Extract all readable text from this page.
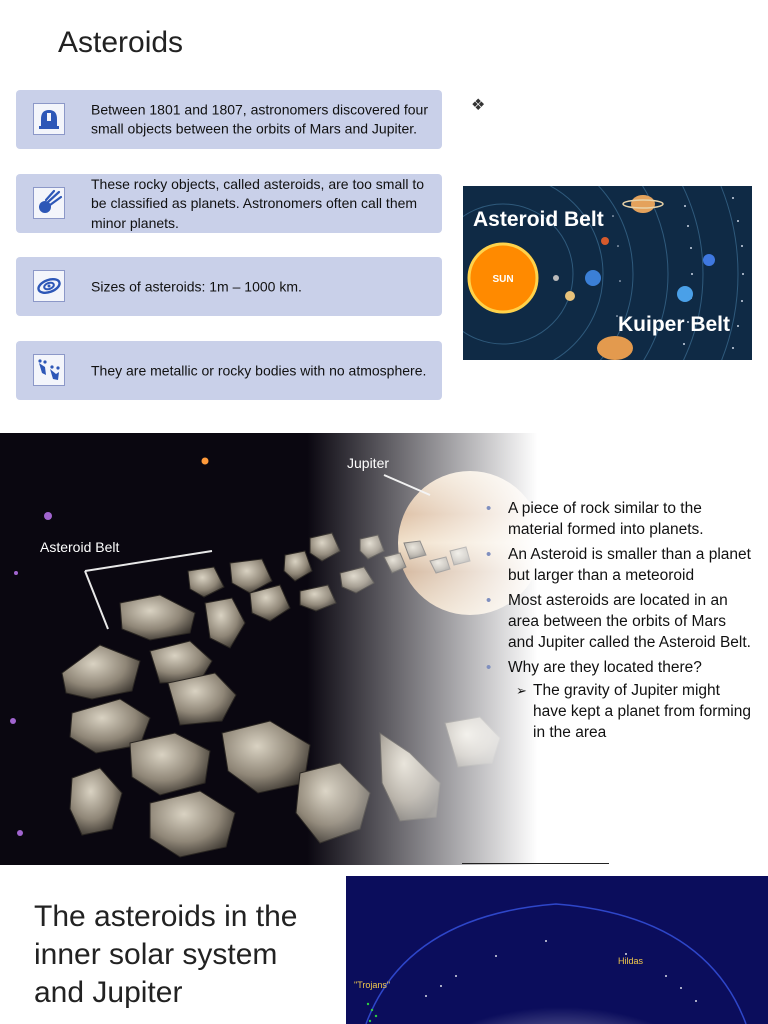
Asteroids
Between 1801 and 1807, astronomers discovered four small objects between the orbits of Mars and Jupiter.
These rocky objects, called asteroids, are too small to be classified as planets. Astronomers often call them minor planets.
Sizes of asteroids: 1m – 1000 km.
They are metallic or rocky bodies with no atmosphere.
❖
SUN
Asteroid Belt
Kuiper Belt
Jupiter
Asteroid Belt
• A piece of rock similar to the material formed into planets.
• An Asteroid is smaller than a planet but larger than a meteoroid
• Most asteroids are located in an area between the orbits of Mars and Jupiter called the Asteroid Belt.
• Why are they located there?
➢ The gravity of Jupiter might have kept a planet from forming in the area
The asteroids in the inner solar system and Jupiter
Hildas
"Trojans"
